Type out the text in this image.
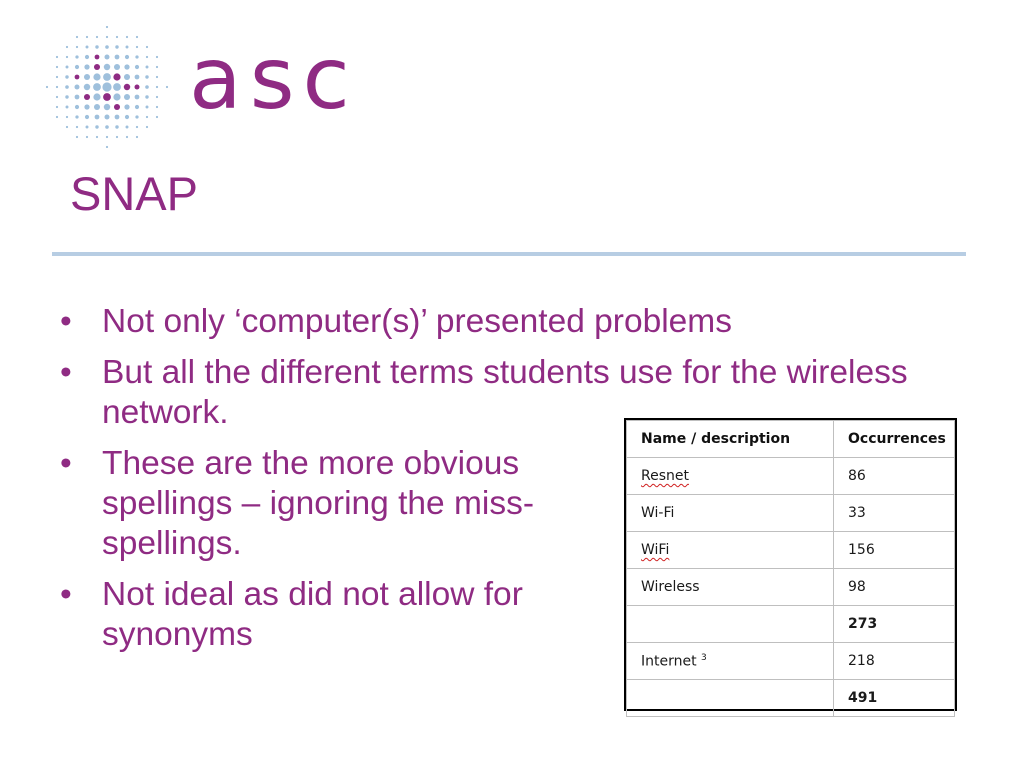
asc
SNAP
• Not only ‘computer(s)’ presented problems
• But all the different terms students use for the wireless network.
• These are the more obvious spellings – ignoring the miss-spellings.
• Not ideal as did not allow for synonyms
Name / description	Occurrences
Resnet	86
Wi-Fi	33
WiFi	156
Wireless	98
	273
Internet $^3$	218
	491
